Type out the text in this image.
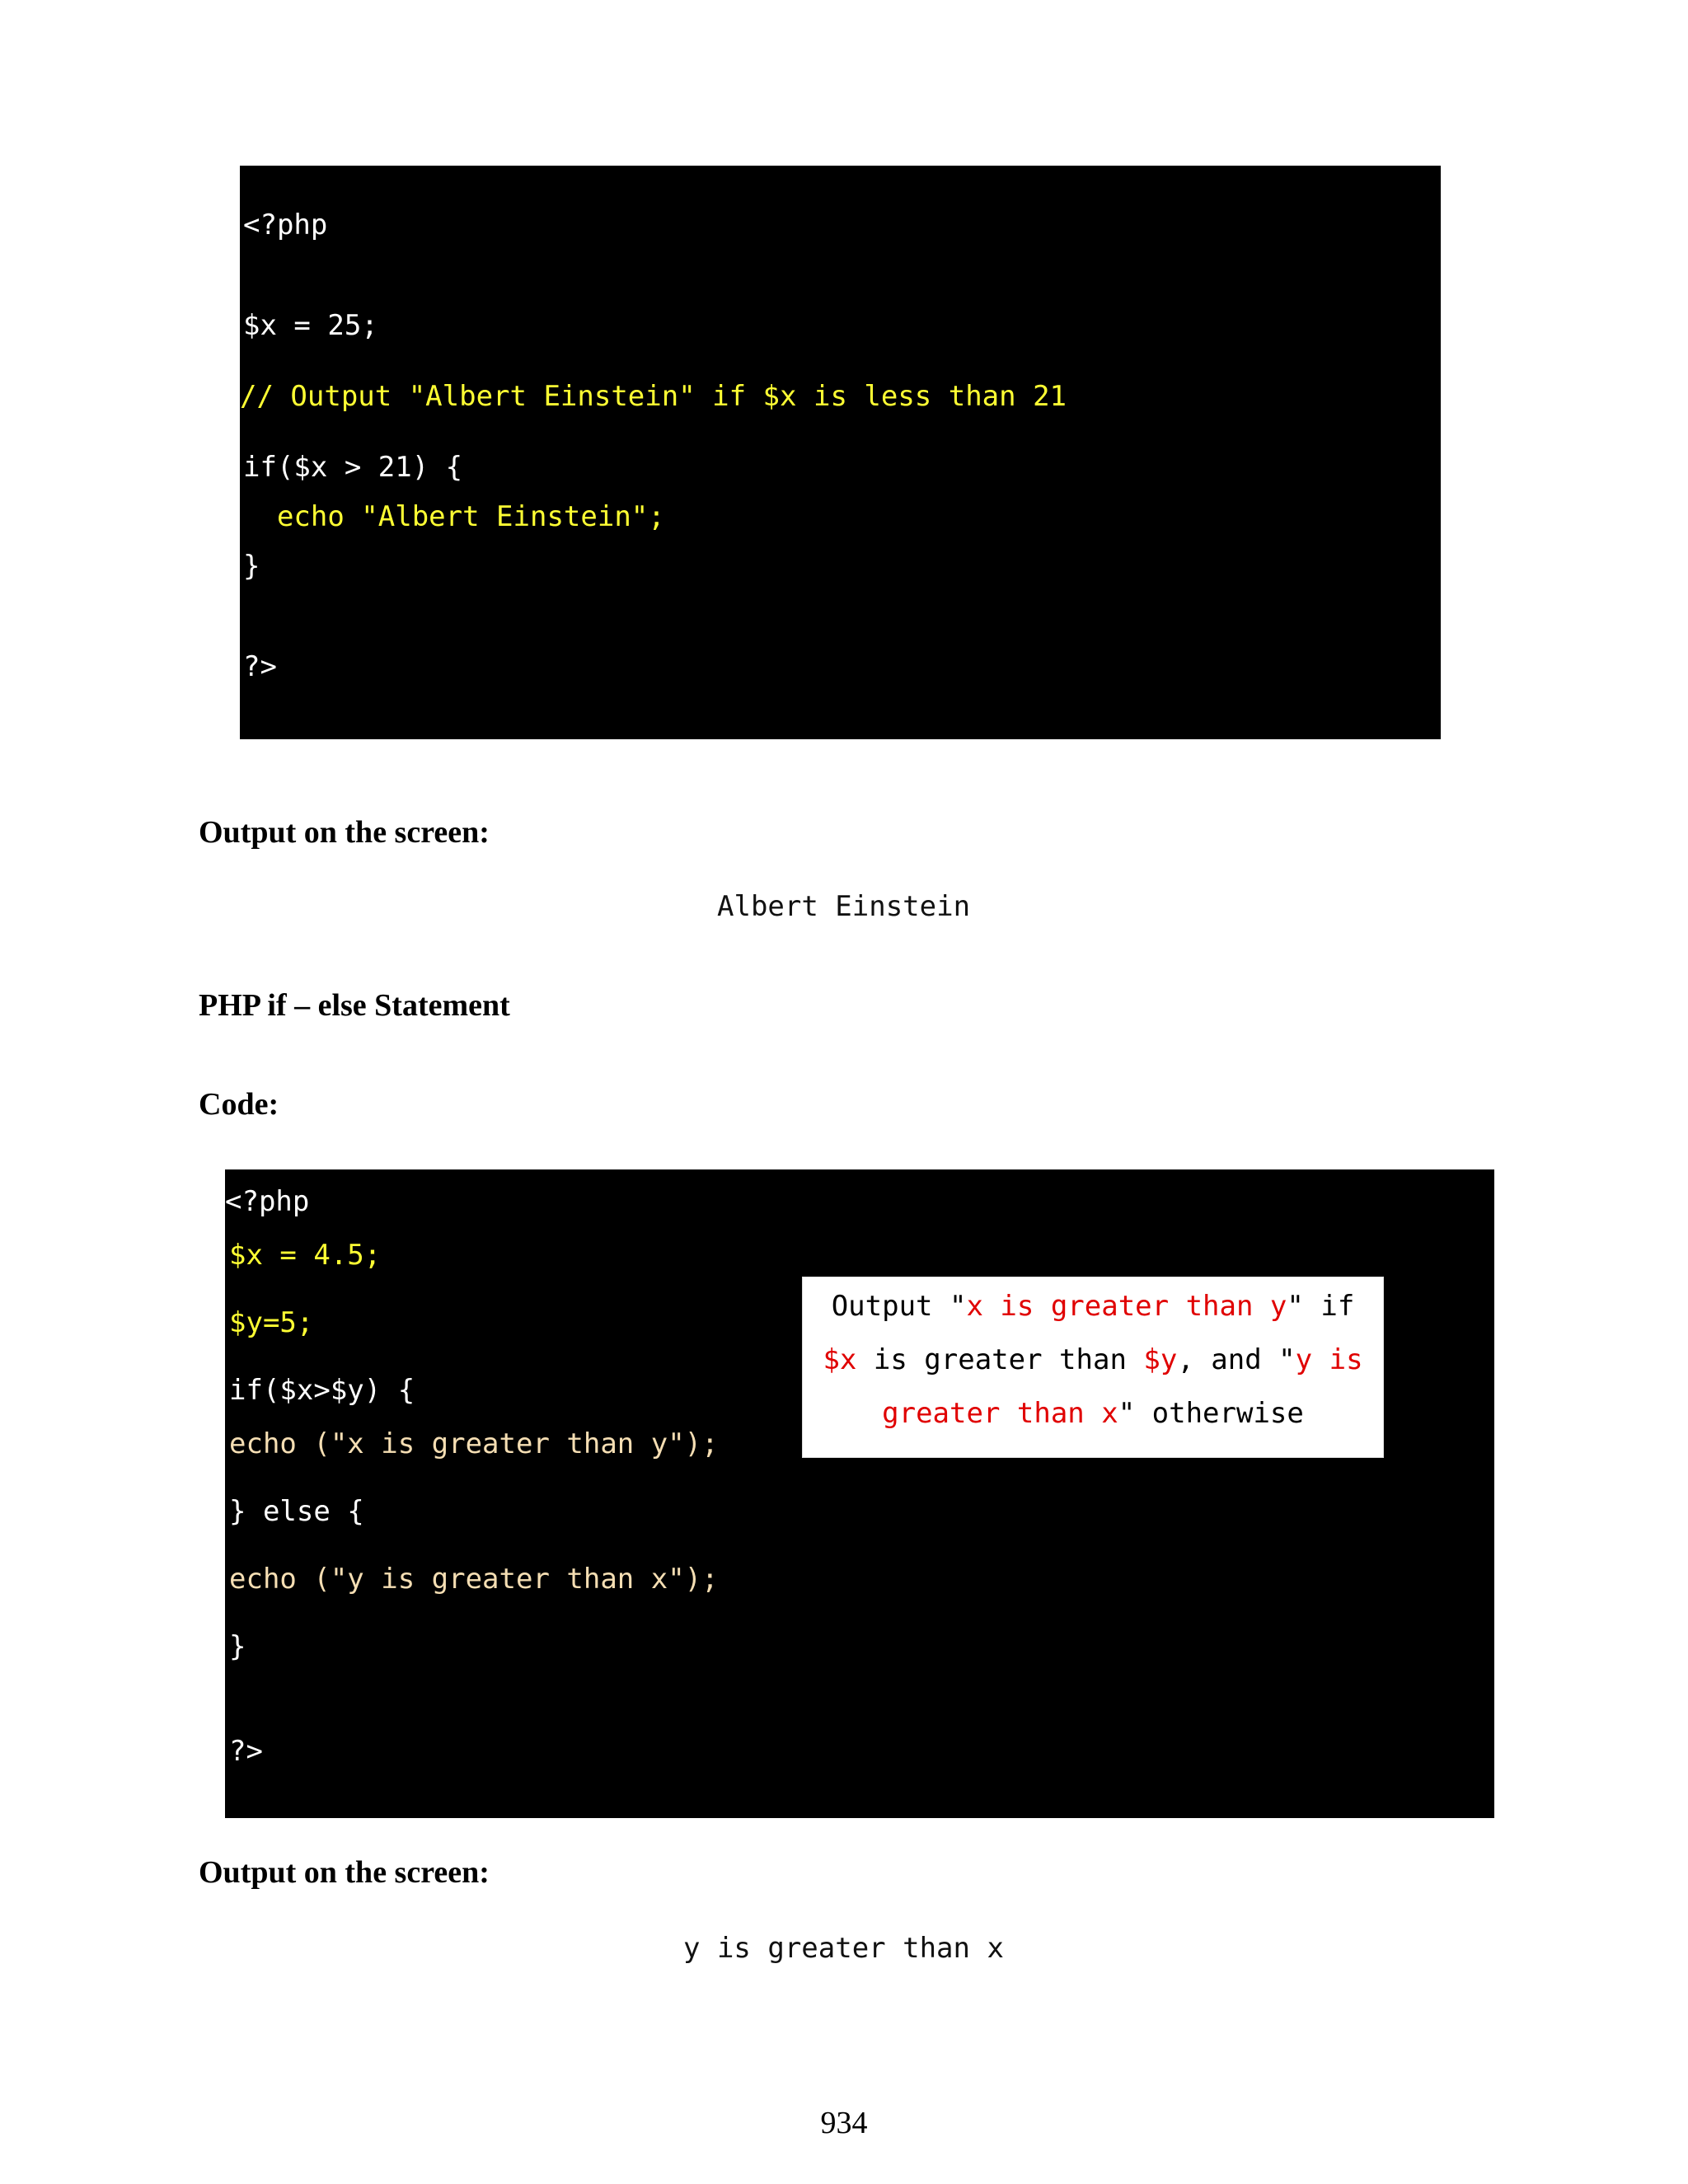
<?php
$x = 25;
// Output "Albert Einstein" if $x is less than 21
if($x > 21) {
echo "Albert Einstein";
}
?>
Output on the screen:
Albert Einstein
PHP if – else Statement
Code:
<?php
$x = 4.5;
$y=5;
if($x>$y) {
echo ("x is greater than y");
} else {
echo ("y is greater than x");
}
?>
Output "x is greater than y" if
$x is greater than $y, and "y is
greater than x" otherwise
Output on the screen:
y is greater than x
934
